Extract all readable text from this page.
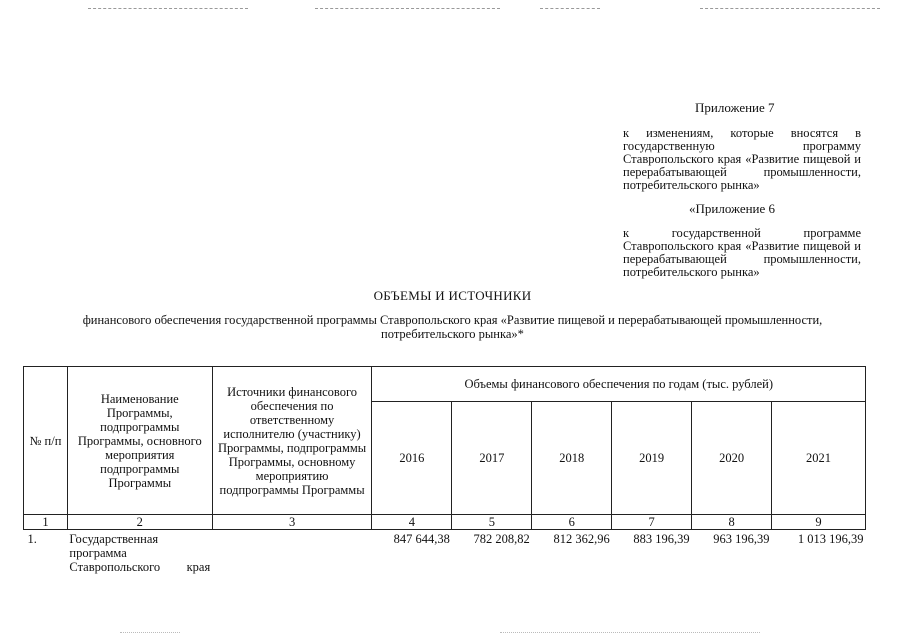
Приложение 7
к изменениям, которые вносятся в государственную программу Ставропольского края «Развитие пищевой и перерабатывающей промышленности, потребительского рынка»
«Приложение 6
к государственной программе Ставропольского края «Развитие пищевой и перерабатывающей промышленности, потребительского рынка»
ОБЪЕМЫ И ИСТОЧНИКИ
финансового обеспечения государственной программы Ставропольского края «Развитие пищевой и перерабатывающей промышленности, потребительского рынка»*
№ п/п	Наименование Программы, подпрограммы Программы, основного мероприятия подпрограммы Программы	Источники финансового обеспечения по ответственному исполнителю (участнику) Программы, подпрограммы Программы, основному мероприятию подпрограммы Программы	Объемы финансового обеспечения по годам (тыс. рублей)					
			2016	2017	2018	2019	2020	2021
1	2	3	4	5	6	7	8	9
1.	Государственная программа Ставропольского края		847 644,38	782 208,82	812 362,96	883 196,39	963 196,39	1 013 196,39
